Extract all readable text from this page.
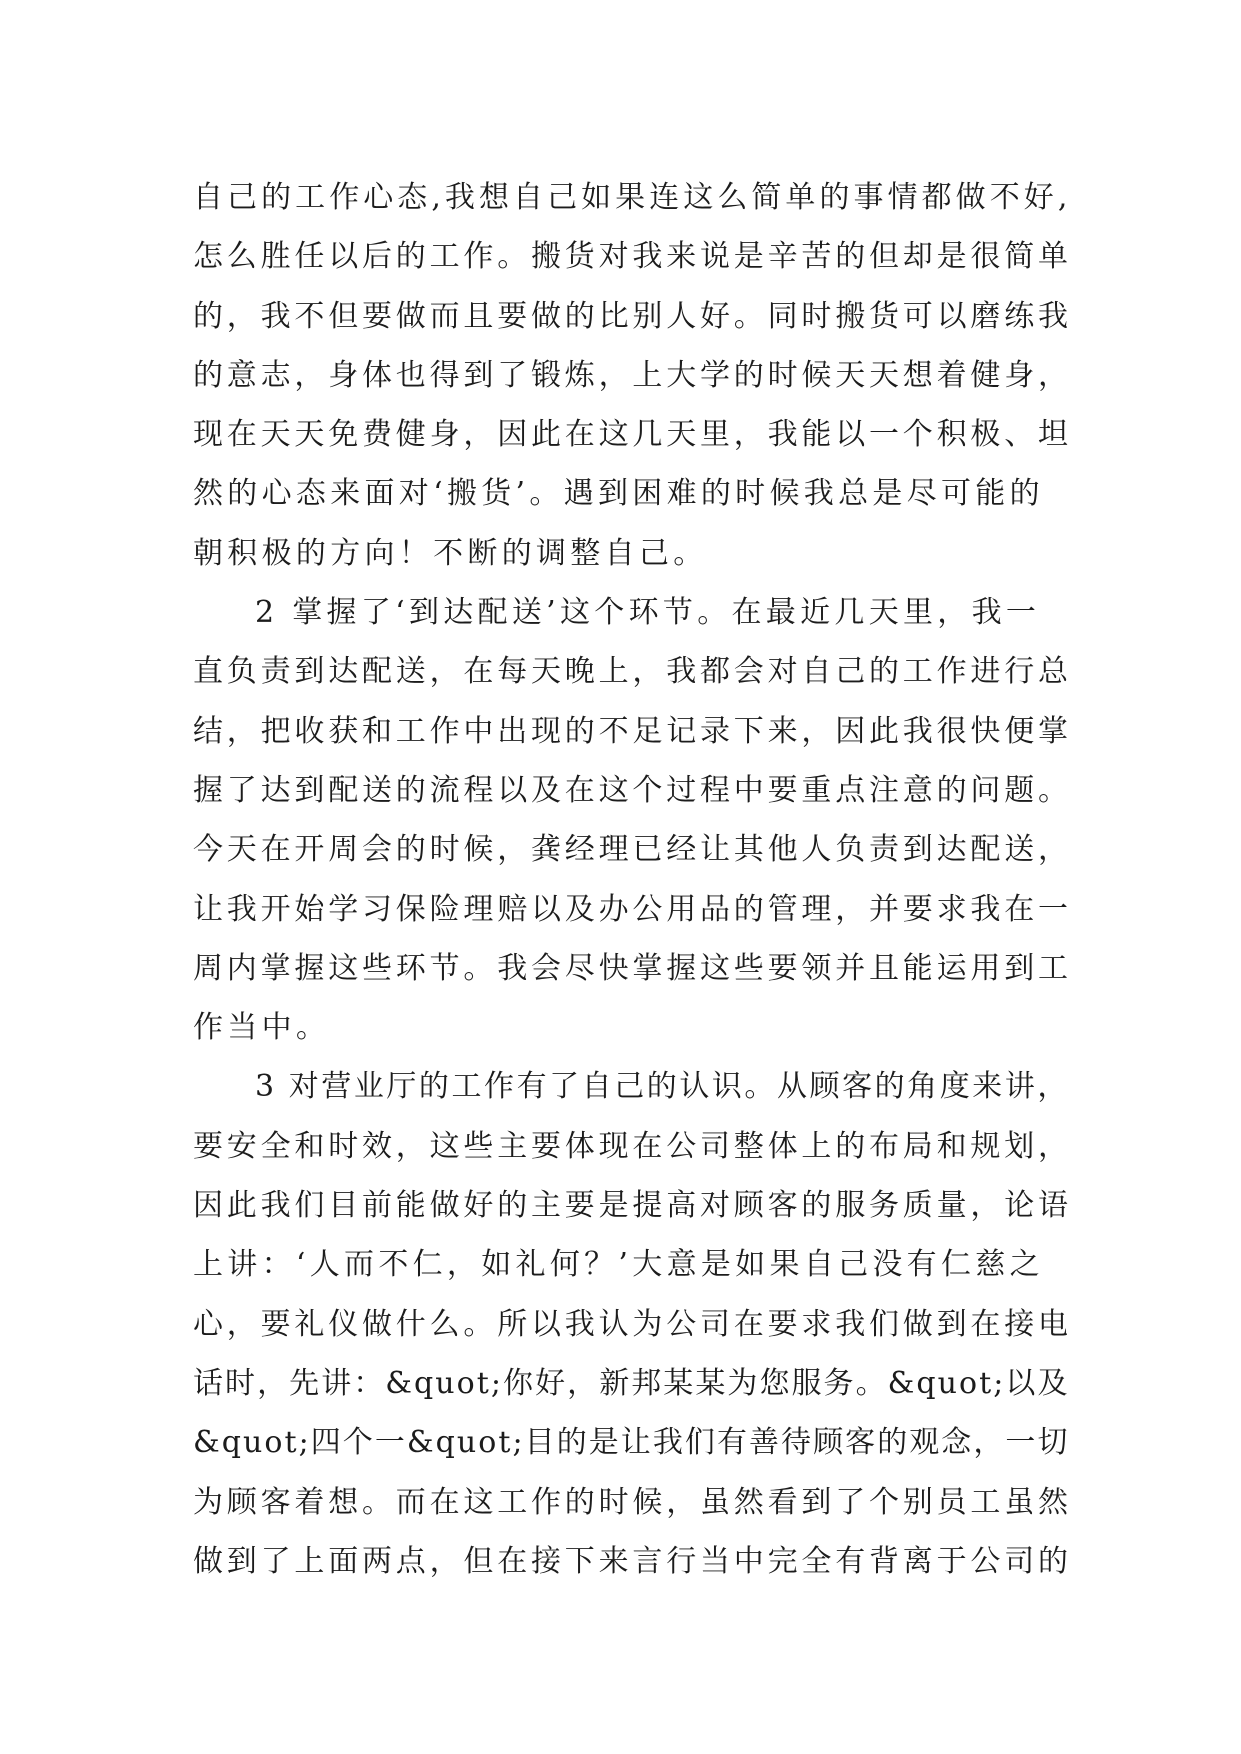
自己的工作心态,我想自己如果连这么简单的事情都做不好,
怎么胜任以后的工作。搬货对我来说是辛苦的但却是很简单
的，我不但要做而且要做的比别人好。同时搬货可以磨练我
的意志，身体也得到了锻炼，上大学的时候天天想着健身，
现在天天免费健身，因此在这几天里，我能以一个积极、坦
然的心态来面对‘搬货’。遇到困难的时候我总是尽可能的
朝积极的方向！不断的调整自己。
2 掌握了‘到达配送’这个环节。在最近几天里，我一
直负责到达配送，在每天晚上，我都会对自己的工作进行总
结，把收获和工作中出现的不足记录下来，因此我很快便掌
握了达到配送的流程以及在这个过程中要重点注意的问题。
今天在开周会的时候，龚经理已经让其他人负责到达配送，
让我开始学习保险理赔以及办公用品的管理，并要求我在一
周内掌握这些环节。我会尽快掌握这些要领并且能运用到工
作当中。
3 对营业厅的工作有了自己的认识。从顾客的角度来讲，
要安全和时效，这些主要体现在公司整体上的布局和规划，
因此我们目前能做好的主要是提高对顾客的服务质量，论语
上讲：‘人而不仁，如礼何？’大意是如果自己没有仁慈之
心，要礼仪做什么。所以我认为公司在要求我们做到在接电
话时，先讲：&quot;你好，新邦某某为您服务。&quot;以及
&quot;四个一&quot;目的是让我们有善待顾客的观念，一切
为顾客着想。而在这工作的时候，虽然看到了个别员工虽然
做到了上面两点，但在接下来言行当中完全有背离于公司的
